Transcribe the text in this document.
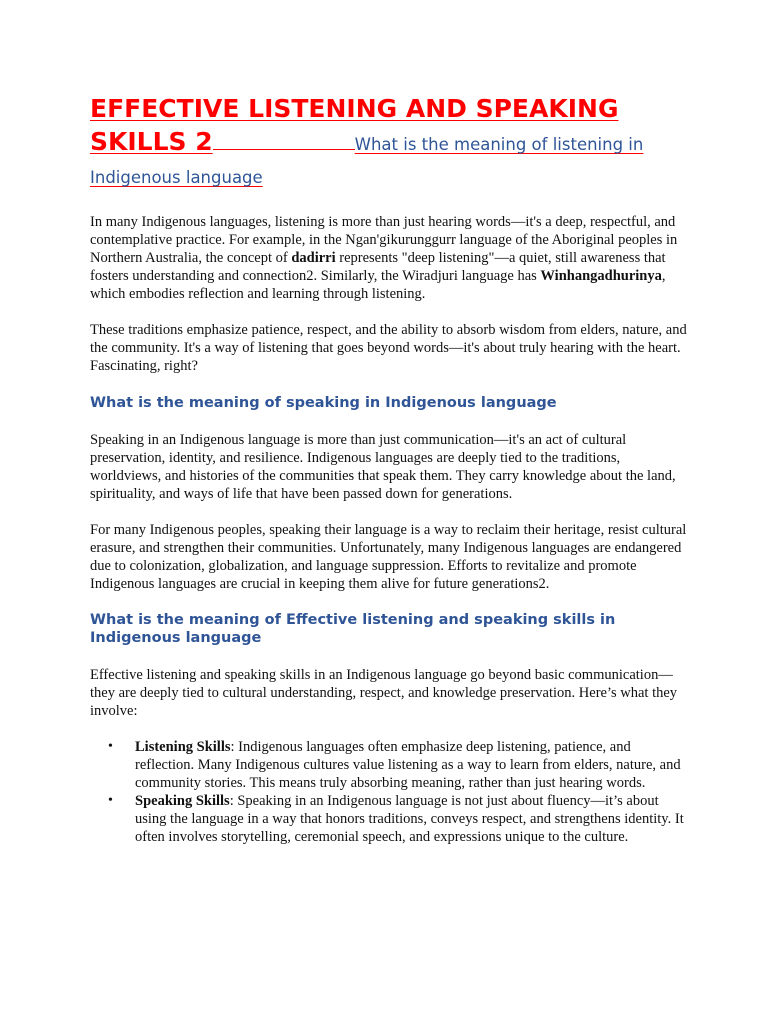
EFFECTIVE LISTENING AND SPEAKING
SKILLS 2	What is the meaning of listening in
Indigenous language

In many Indigenous languages, listening is more than just hearing words—it's a deep, respectful, and contemplative practice. For example, in the Ngan'gikurunggurr language of the Aboriginal peoples in Northern Australia, the concept of dadirri represents "deep listening"—a quiet, still awareness that fosters understanding and connection2. Similarly, the Wiradjuri language has Winhangadhurinya, which embodies reflection and learning through listening.

These traditions emphasize patience, respect, and the ability to absorb wisdom from elders, nature, and the community. It's a way of listening that goes beyond words—it's about truly hearing with the heart. Fascinating, right?

What is the meaning of speaking in Indigenous language

Speaking in an Indigenous language is more than just communication—it's an act of cultural preservation, identity, and resilience. Indigenous languages are deeply tied to the traditions, worldviews, and histories of the communities that speak them. They carry knowledge about the land, spirituality, and ways of life that have been passed down for generations.

For many Indigenous peoples, speaking their language is a way to reclaim their heritage, resist cultural erasure, and strengthen their communities. Unfortunately, many Indigenous languages are endangered due to colonization, globalization, and language suppression. Efforts to revitalize and promote Indigenous languages are crucial in keeping them alive for future generations2.

What is the meaning of Effective listening and speaking skills in Indigenous language

Effective listening and speaking skills in an Indigenous language go beyond basic communication—they are deeply tied to cultural understanding, respect, and knowledge preservation. Here’s what they involve:

• Listening Skills: Indigenous languages often emphasize deep listening, patience, and reflection. Many Indigenous cultures value listening as a way to learn from elders, nature, and community stories. This means truly absorbing meaning, rather than just hearing words.
• Speaking Skills: Speaking in an Indigenous language is not just about fluency—it’s about using the language in a way that honors traditions, conveys respect, and strengthens identity. It often involves storytelling, ceremonial speech, and expressions unique to the culture.
